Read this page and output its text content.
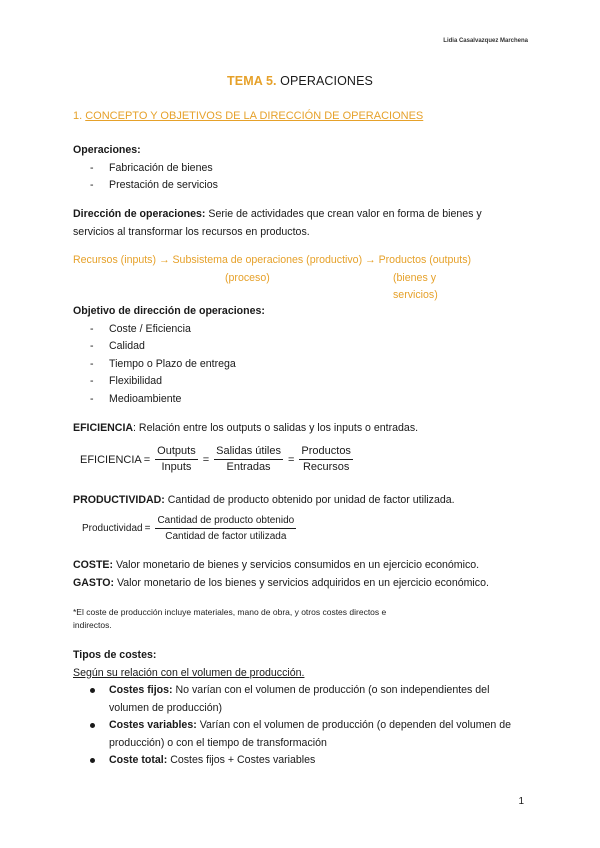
Lidia Casalvazquez Marchena
TEMA 5. OPERACIONES
1. CONCEPTO Y OBJETIVOS DE LA DIRECCIÓN DE OPERACIONES
Operaciones:
- Fabricación de bienes
- Prestación de servicios
Dirección de operaciones: Serie de actividades que crean valor en forma de bienes y
servicios al transformar los recursos en productos.
Recursos (inputs) → Subsistema de operaciones (productivo) → Productos (outputs)
(proceso)	(bienes y servicios)
Objetivo de dirección de operaciones:
- Coste / Eficiencia
- Calidad
- Tiempo o Plazo de entrega
- Flexibilidad
- Medioambiente
EFICIENCIA: Relación entre los outputs o salidas y los inputs o entradas.
EFICIENCIA = $\frac{\text{Outputs}}{\text{Inputs}} = \frac{\text{Salidas útiles}}{\text{Entradas}} = \frac{\text{Productos}}{\text{Recursos}}$
PRODUCTIVIDAD: Cantidad de producto obtenido por unidad de factor utilizada.
Productividad = $\frac{\text{Cantidad de producto obtenido}}{\text{Cantidad de factor utilizada}}$
COSTE: Valor monetario de bienes y servicios consumidos en un ejercicio económico.
GASTO: Valor monetario de los bienes y servicios adquiridos en un ejercicio económico.
*El coste de producción incluye materiales, mano de obra, y otros costes directos e
indirectos.
Tipos de costes:
Según su relación con el volumen de producción.
Costes fijos: No varían con el volumen de producción (o son independientes del
volumen de producción)
Costes variables: Varían con el volumen de producción (o dependen del volumen de
producción) o con el tiempo de transformación
Coste total: Costes fijos + Costes variables
1
